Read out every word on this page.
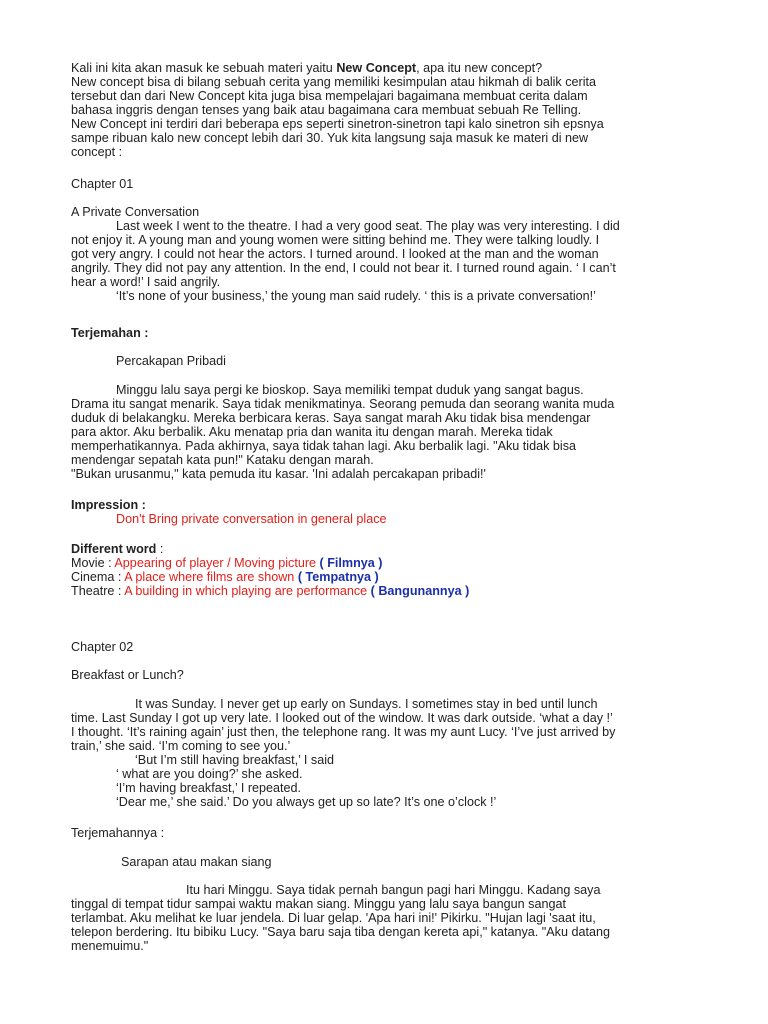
Kali ini kita akan masuk ke sebuah materi yaitu New Concept, apa itu new concept?
New concept bisa di bilang sebuah cerita yang memiliki kesimpulan atau hikmah di balik cerita
tersebut dan dari New Concept kita juga bisa mempelajari bagaimana membuat cerita dalam
bahasa inggris dengan tenses yang baik atau bagaimana cara membuat sebuah Re Telling.
New Concept ini terdiri dari beberapa eps seperti sinetron-sinetron tapi kalo sinetron sih epsnya
sampe ribuan kalo new concept lebih dari 30. Yuk kita langsung saja masuk ke materi di new
concept :
Chapter 01
A Private Conversation
Last week I went to the theatre. I had a very good seat. The play was very interesting. I did
not enjoy it. A young man and young women were sitting behind me. They were talking loudly. I
got very angry. I could not hear the actors. I turned around. I looked at the man and the woman
angrily. They did not pay any attention. In the end, I could not bear it. I turned round again. ‘ I can’t
hear a word!’ I said angrily.
‘It’s none of your business,’ the young man said rudely. ‘ this is a private conversation!’
Terjemahan :
Percakapan Pribadi
Minggu lalu saya pergi ke bioskop. Saya memiliki tempat duduk yang sangat bagus.
Drama itu sangat menarik. Saya tidak menikmatinya. Seorang pemuda dan seorang wanita muda
duduk di belakangku. Mereka berbicara keras. Saya sangat marah Aku tidak bisa mendengar
para aktor. Aku berbalik. Aku menatap pria dan wanita itu dengan marah. Mereka tidak
memperhatikannya. Pada akhirnya, saya tidak tahan lagi. Aku berbalik lagi. "Aku tidak bisa
mendengar sepatah kata pun!" Kataku dengan marah.
"Bukan urusanmu," kata pemuda itu kasar. 'Ini adalah percakapan pribadi!'
Impression :
Don't Bring private conversation in general place
Different word :
Movie : Appearing of player / Moving picture ( Filmnya )
Cinema : A place where films are shown ( Tempatnya )
Theatre : A building in which playing are performance ( Bangunannya )
Chapter 02
Breakfast or Lunch?
It was Sunday. I never get up early on Sundays. I sometimes stay in bed until lunch
time. Last Sunday I got up very late. I looked out of the window. It was dark outside. ‘what a day !’
I thought. ‘It’s raining again’ just then, the telephone rang. It was my aunt Lucy. ‘I’ve just arrived by
train,’ she said. ‘I’m coming to see you.’
‘But I’m still having breakfast,’ I said
‘ what are you doing?’ she asked.
‘I’m having breakfast,’ I repeated.
‘Dear me,’ she said.’ Do you always get up so late? It’s one o’clock !’
Terjemahannya :
Sarapan atau makan siang
Itu hari Minggu. Saya tidak pernah bangun pagi hari Minggu. Kadang saya
tinggal di tempat tidur sampai waktu makan siang. Minggu yang lalu saya bangun sangat
terlambat. Aku melihat ke luar jendela. Di luar gelap. 'Apa hari ini!' Pikirku. "Hujan lagi 'saat itu,
telepon berdering. Itu bibiku Lucy. "Saya baru saja tiba dengan kereta api," katanya. "Aku datang
menemuimu."
